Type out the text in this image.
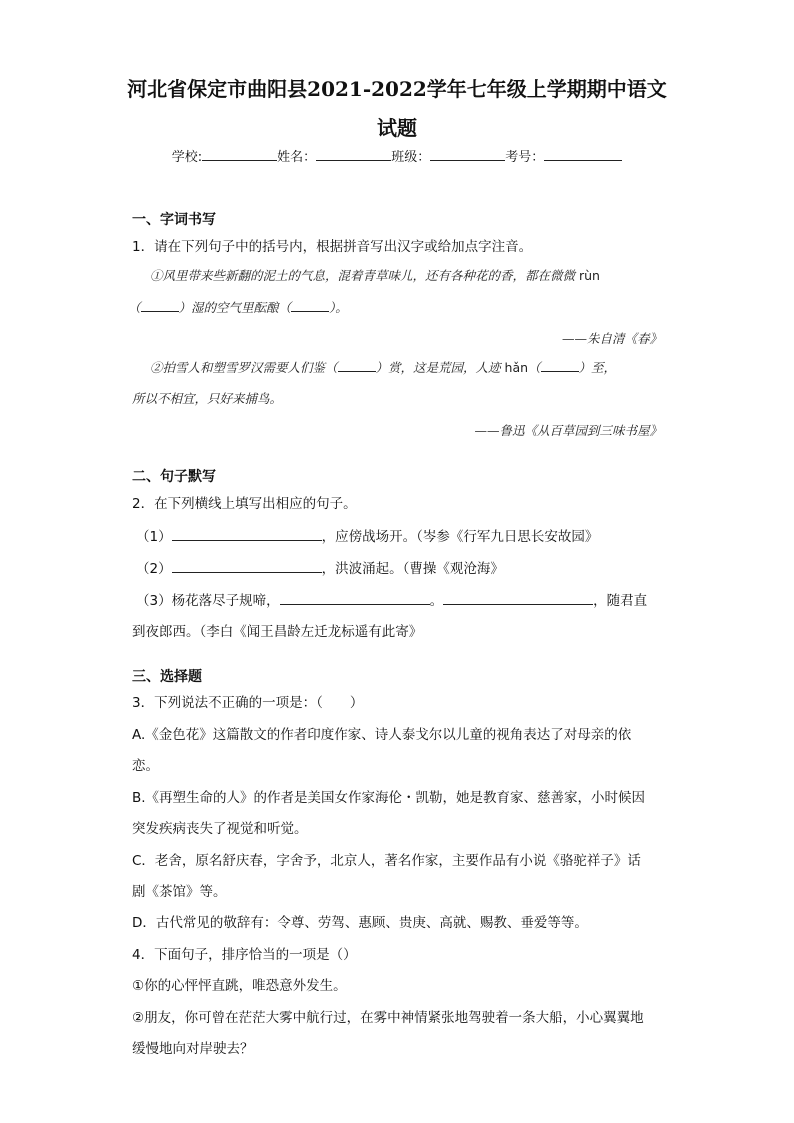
河北省保定市曲阳县2021-2022学年七年级上学期期中语文
试题
学校:	姓名：	班级：	考号：
一、字词书写
1．请在下列句子中的括号内，根据拼音写出汉字或给加点字注音。
①风里带来些新翻的泥土的气息，混着青草味儿，还有各种花的香，都在微微 rùn
（	）湿的空气里酝酿（	）。
——朱自清《春》
②拍雪人和塑雪罗汉需要人们鉴（	）赏，这是荒园，人迹 hǎn（	）至，
所以不相宜，只好来捕鸟。
——鲁迅《从百草园到三味书屋》
二、句子默写
2．在下列横线上填写出相应的句子。
（1）	，应傍战场开。（岑参《行军九日思长安故园》
（2）	，洪波涌起。（曹操《观沧海》
（3）杨花落尽子规啼，	。	，随君直
到夜郎西。（李白《闻王昌龄左迁龙标遥有此寄》
三、选择题
3．下列说法不正确的一项是：（　　）
A.《金色花》这篇散文的作者印度作家、诗人泰戈尔以儿童的视角表达了对母亲的依
恋。
B.《再塑生命的人》的作者是美国女作家海伦・凯勒，她是教育家、慈善家，小时候因
突发疾病丧失了视觉和听觉。
C．老舍，原名舒庆春，字舍予，北京人，著名作家，主要作品有小说《骆驼祥子》话
剧《茶馆》等。
D．古代常见的敬辞有：令尊、劳驾、惠顾、贵庚、高就、赐教、垂爱等等。
4．下面句子，排序恰当的一项是（）
①你的心怦怦直跳，唯恐意外发生。
②朋友，你可曾在茫茫大雾中航行过，在雾中神情紧张地驾驶着一条大船，小心翼翼地
缓慢地向对岸驶去？
